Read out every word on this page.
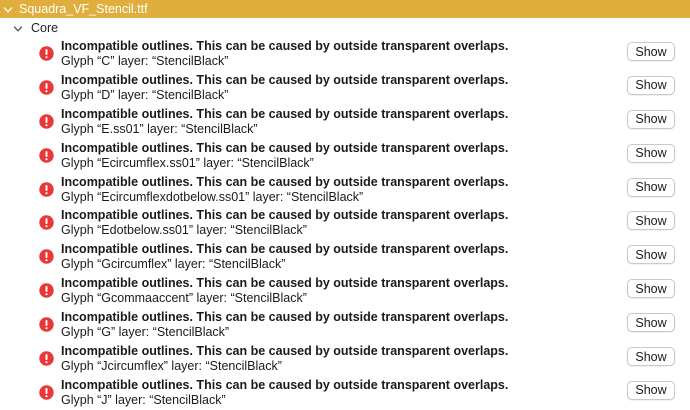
Squadra_VF_Stencil.ttf
Core
Incompatible outlines. This can be caused by outside transparent overlaps.
Glyph “C” layer: “StencilBlack”
Show
Incompatible outlines. This can be caused by outside transparent overlaps.
Glyph “D” layer: “StencilBlack”
Show
Incompatible outlines. This can be caused by outside transparent overlaps.
Glyph “E.ss01” layer: “StencilBlack”
Show
Incompatible outlines. This can be caused by outside transparent overlaps.
Glyph “Ecircumflex.ss01” layer: “StencilBlack”
Show
Incompatible outlines. This can be caused by outside transparent overlaps.
Glyph “Ecircumflexdotbelow.ss01” layer: “StencilBlack”
Show
Incompatible outlines. This can be caused by outside transparent overlaps.
Glyph “Edotbelow.ss01” layer: “StencilBlack”
Show
Incompatible outlines. This can be caused by outside transparent overlaps.
Glyph “Gcircumflex” layer: “StencilBlack”
Show
Incompatible outlines. This can be caused by outside transparent overlaps.
Glyph “Gcommaaccent” layer: “StencilBlack”
Show
Incompatible outlines. This can be caused by outside transparent overlaps.
Glyph “G” layer: “StencilBlack”
Show
Incompatible outlines. This can be caused by outside transparent overlaps.
Glyph “Jcircumflex” layer: “StencilBlack”
Show
Incompatible outlines. This can be caused by outside transparent overlaps.
Glyph “J” layer: “StencilBlack”
Show
